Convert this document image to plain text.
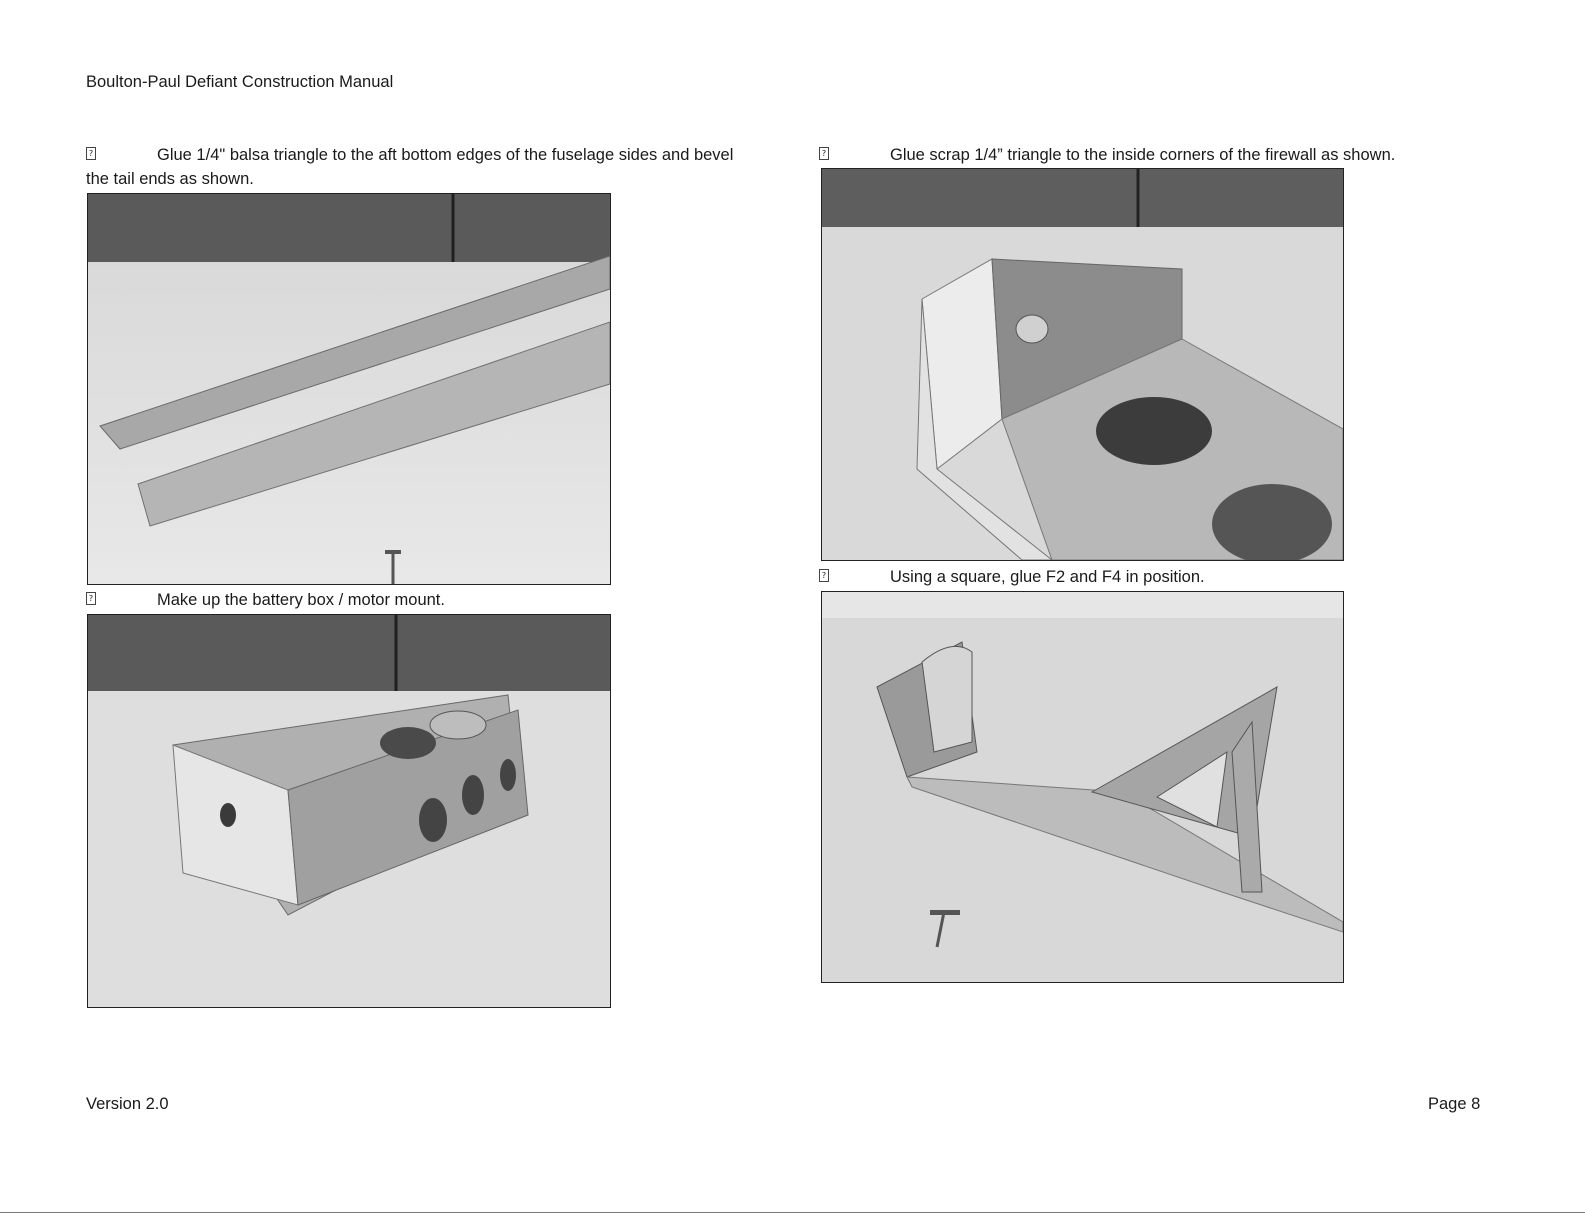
Boulton-Paul Defiant Construction Manual
?	Glue 1/4" balsa triangle to the aft bottom edges of the fuselage sides and bevel the tail ends as shown.
?	Make up the battery box / motor mount.
?	Glue scrap 1/4” triangle to the inside corners of the firewall as shown.
?	Using a square, glue F2 and F4 in position.
Version 2.0	Page 8
